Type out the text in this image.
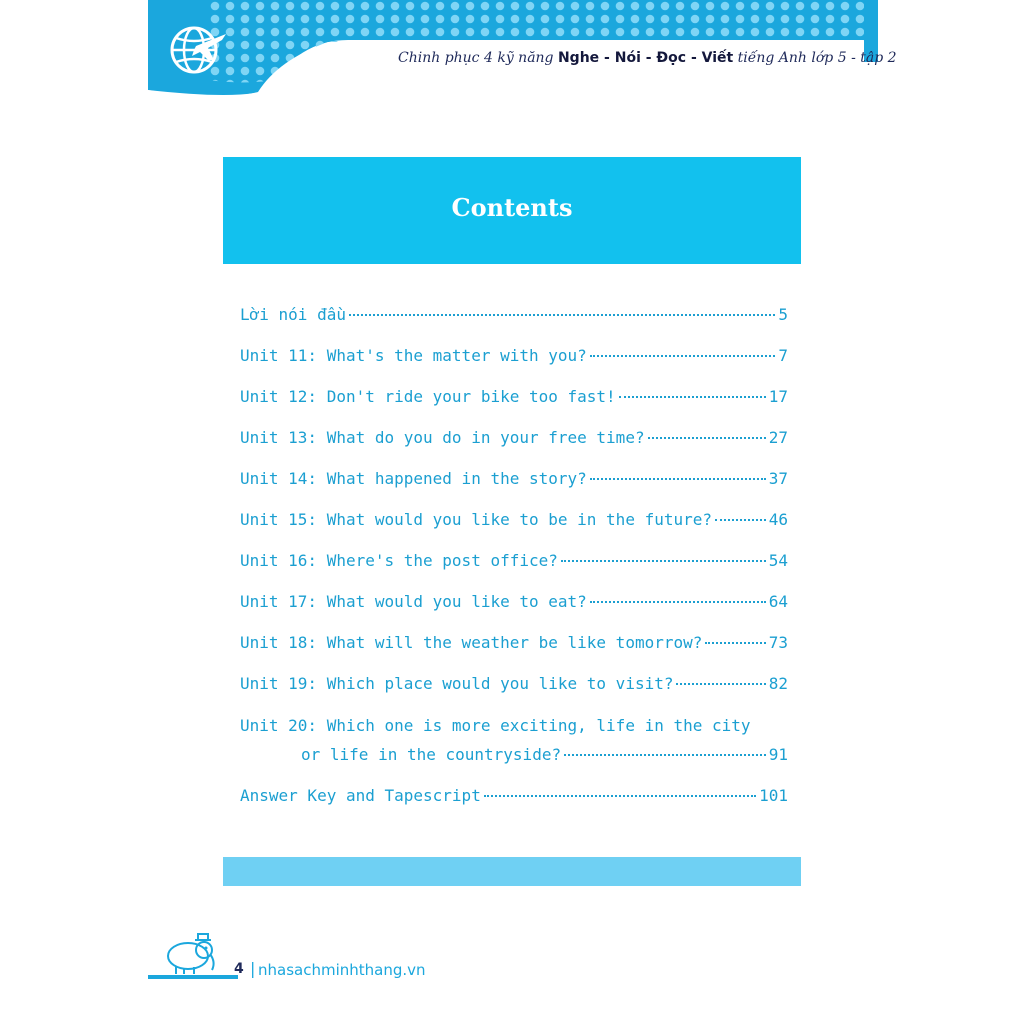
Chinh phục 4 kỹ năng Nghe - Nói - Đọc - Viết tiếng Anh lớp 5 - tập 2
Contents
Lời nói đầu	5
Unit 11: What's the matter with you?	7
Unit 12: Don't ride your bike too fast!	17
Unit 13: What do you do in your free time?	27
Unit 14: What happened in the story?	37
Unit 15: What would you like to be in the future?	46
Unit 16: Where's the post office?	54
Unit 17: What would you like to eat?	64
Unit 18: What will the weather be like tomorrow?	73
Unit 19: Which place would you like to visit?	82
Unit 20: Which one is more exciting, life in the city
or life in the countryside?	91
Answer Key and Tapescript	101
4 | nhasachminhthang.vn
